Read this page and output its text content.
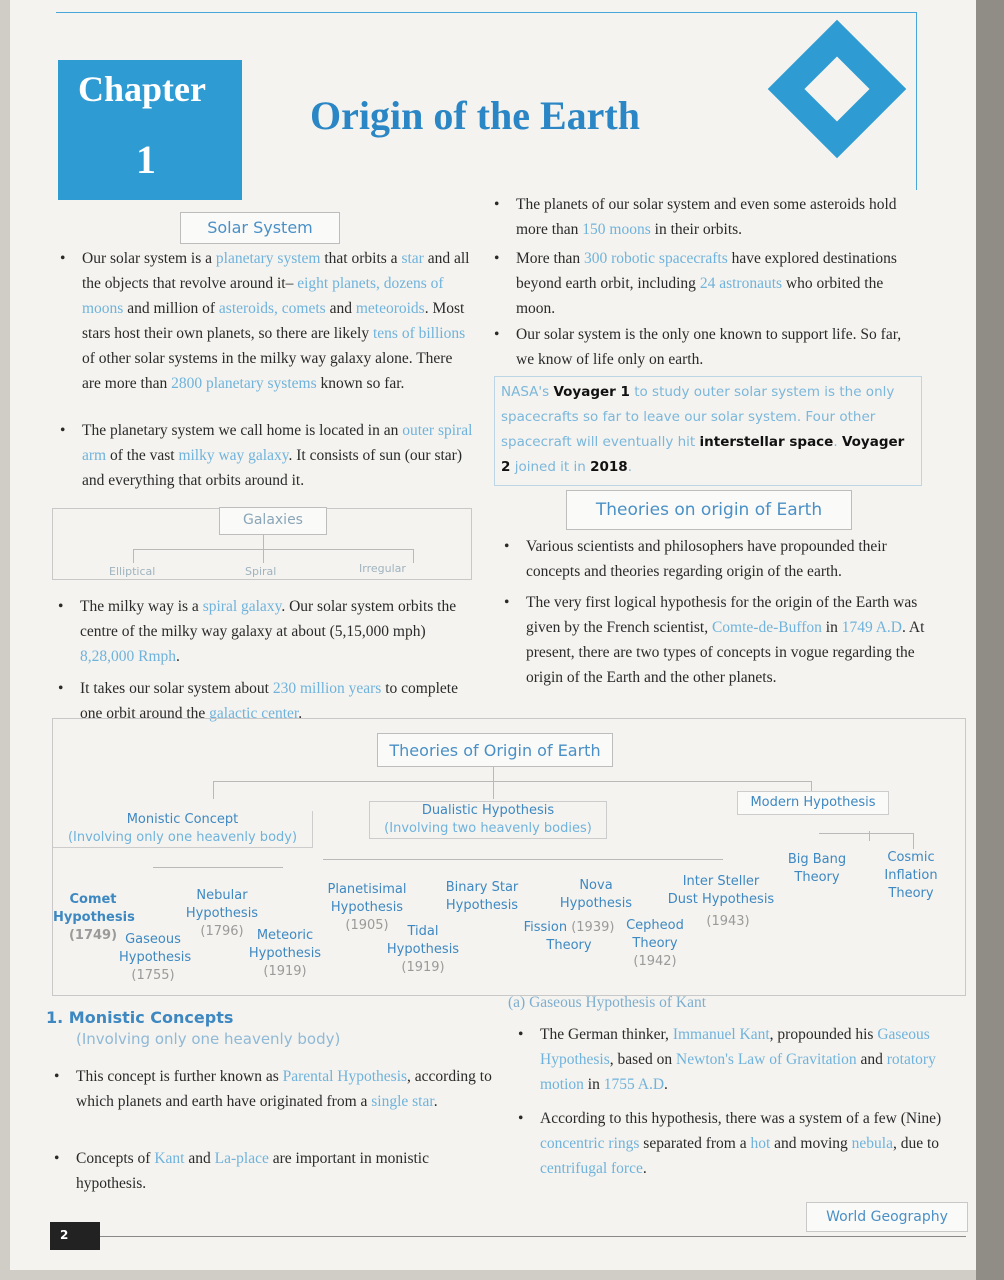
Chapter
1
Origin of the Earth
Solar System
• Our solar system is a planetary system that orbits a star and all the objects that revolve around it– eight planets, dozens of moons and million of asteroids, comets and meteoroids. Most stars host their own planets, so there are likely tens of billions of other solar systems in the milky way galaxy alone. There are more than 2800 planetary systems known so far.
• The planetary system we call home is located in an outer spiral arm of the vast milky way galaxy. It consists of sun (our star) and everything that orbits around it.
• The planets of our solar system and even some asteroids hold more than 150 moons in their orbits.
• More than 300 robotic spacecrafts have explored destinations beyond earth orbit, including 24 astronauts who orbited the moon.
• Our solar system is the only one known to support life. So far, we know of life only on earth.
NASA's Voyager 1 to study outer solar system is the only spacecrafts so far to leave our solar system. Four other spacecraft will eventually hit interstellar space. Voyager 2 joined it in 2018.
Galaxies
Elliptical	Spiral	Irregular
• The milky way is a spiral galaxy. Our solar system orbits the centre of the milky way galaxy at about (5,15,000 mph) 8,28,000 Rmph.
• It takes our solar system about 230 million years to complete one orbit around the galactic center.
Theories on origin of Earth
• Various scientists and philosophers have propounded their concepts and theories regarding origin of the earth.
• The very first logical hypothesis for the origin of the Earth was given by the French scientist, Comte-de-Buffon in 1749 A.D. At present, there are two types of concepts in vogue regarding the origin of the Earth and the other planets.
Theories of Origin of Earth
Monistic Concept
(Involving only one heavenly body)
Dualistic Hypothesis
(Involving two heavenly bodies)
Modern Hypothesis
Comet
Hypothesis
(1749) Gaseous
Hypothesis
(1755)
Nebular
Hypothesis
(1796)	Meteoric
Hypothesis
(1919)
Planetisimal
Hypothesis
(1905)	Tidal
Hypothesis
(1919)
Binary Star
Hypothesis
Fission (1939)
Theory
Nova
Hypothesis
Inter Steller
Dust Hypothesis
(1943)
Cepheod
Theory
(1942)
Big Bang
Theory
Cosmic
Inflation
Theory
1. Monistic Concepts
(Involving only one heavenly body)
• This concept is further known as Parental Hypothesis, according to which planets and earth have originated from a single star.
• Concepts of Kant and La-place are important in monistic hypothesis.
(a) Gaseous Hypothesis of Kant
• The German thinker, Immanuel Kant, propounded his Gaseous Hypothesis, based on Newton's Law of Gravitation and rotatory motion in 1755 A.D.
• According to this hypothesis, there was a system of a few (Nine) concentric rings separated from a hot and moving nebula, due to centrifugal force.
2
World Geography
